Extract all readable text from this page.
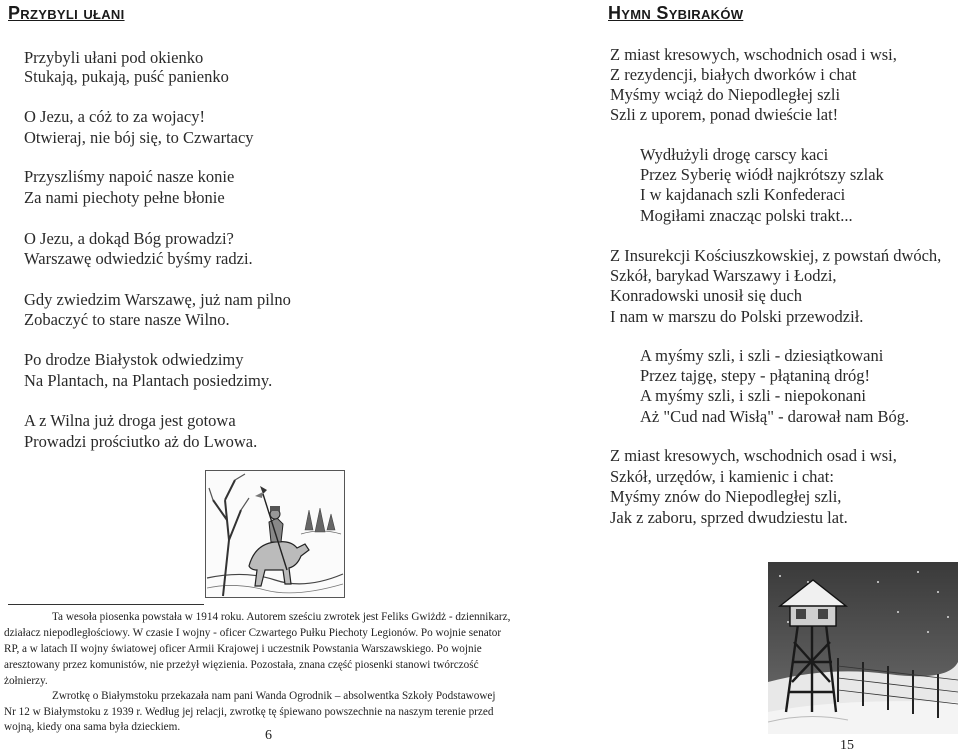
Przybyli ułani
Przybyli ułani pod okienko
Stukają, pukają, puść panienko
O Jezu, a cóż to za wojacy!
Otwieraj, nie bój się, to Czwartacy
Przyszliśmy napoić nasze konie
Za nami piechoty pełne błonie
O Jezu, a dokąd Bóg prowadzi?
Warszawę odwiedzić byśmy radzi.
Gdy zwiedzim Warszawę, już nam pilno
Zobaczyć to stare nasze Wilno.
Po drodze Białystok odwiedzimy
Na Plantach, na Plantach posiedzimy.
A z Wilna już droga jest gotowa
Prowadzi prościutko aż do Lwowa.
Ta wesoła piosenka powstała w 1914 roku. Autorem sześciu zwrotek jest Feliks Gwiżdż - dziennikarz,
działacz niepodległościowy. W czasie I wojny - oficer Czwartego Pułku Piechoty Legionów. Po wojnie senator
RP, a w latach II wojny światowej oficer Armii Krajowej i uczestnik Powstania Warszawskiego. Po wojnie
aresztowany przez komunistów, nie przeżył więzienia. Pozostała, znana część piosenki stanowi twórczość
żołnierzy.
Zwrotkę o Białymstoku przekazała nam pani Wanda Ogrodnik – absolwentka Szkoły Podstawowej
Nr 12 w Białymstoku z 1939 r. Według jej relacji, zwrotkę tę śpiewano powszechnie na naszym terenie przed
wojną, kiedy ona sama była dzieckiem.
6
Hymn Sybiraków
Z miast kresowych, wschodnich osad i wsi,
Z rezydencji, białych dworków i chat
Myśmy wciąż do Niepodległej szli
Szli z uporem, ponad dwieście lat!
Wydłużyli drogę carscy kaci
Przez Syberię wiódł najkrótszy szlak
I w kajdanach szli Konfederaci
Mogiłami znacząc polski trakt...
Z Insurekcji Kościuszkowskiej, z powstań dwóch,
Szkół, barykad Warszawy i Łodzi,
Konradowski unosił się duch
I nam w marszu do Polski przewodził.
A myśmy szli, i szli - dziesiątkowani
Przez tajgę, stepy - płątaniną dróg!
A myśmy szli, i szli - niepokonani
Aż "Cud nad Wisłą" - darował nam Bóg.
Z miast kresowych, wschodnich osad i wsi,
Szkół, urzędów, i kamienic i chat:
Myśmy znów do Niepodległej szli,
Jak z zaboru, sprzed dwudziestu lat.
15
